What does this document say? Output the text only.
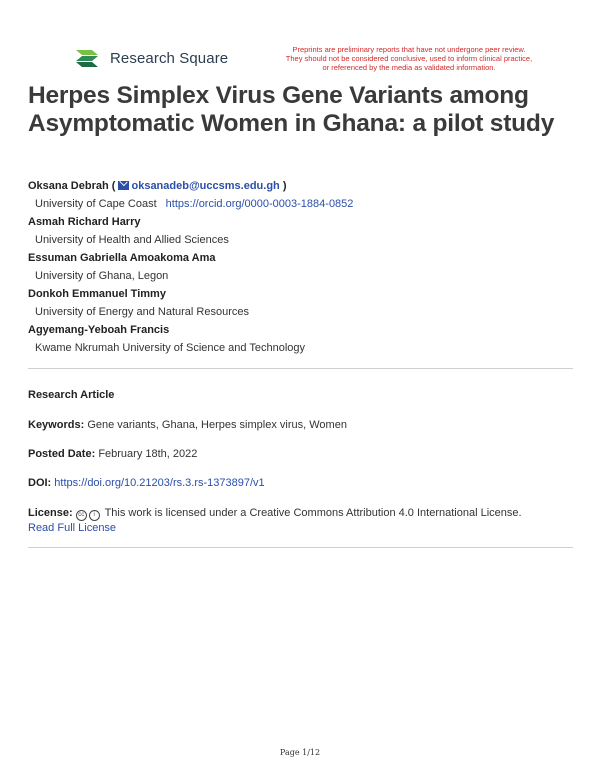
Research Square	Preprints are preliminary reports that have not undergone peer review.
They should not be considered conclusive, used to inform clinical practice,
or referenced by the media as validated information.
Herpes Simplex Virus Gene Variants among Asymptomatic Women in Ghana: a pilot study
Oksana Debrah ( oksanadeb@uccsms.edu.gh )
University of Cape Coast https://orcid.org/0000-0003-1884-0852
Asmah Richard Harry
University of Health and Allied Sciences
Essuman Gabriella Amoakoma Ama
University of Ghana, Legon
Donkoh Emmanuel Timmy
University of Energy and Natural Resources
Agyemang-Yeboah Francis
Kwame Nkrumah University of Science and Technology
Research Article
Keywords: Gene variants, Ghana, Herpes simplex virus, Women
Posted Date: February 18th, 2022
DOI: https://doi.org/10.21203/rs.3.rs-1373897/v1
License: cc i This work is licensed under a Creative Commons Attribution 4.0 International License.
Read Full License
Page 1/12
